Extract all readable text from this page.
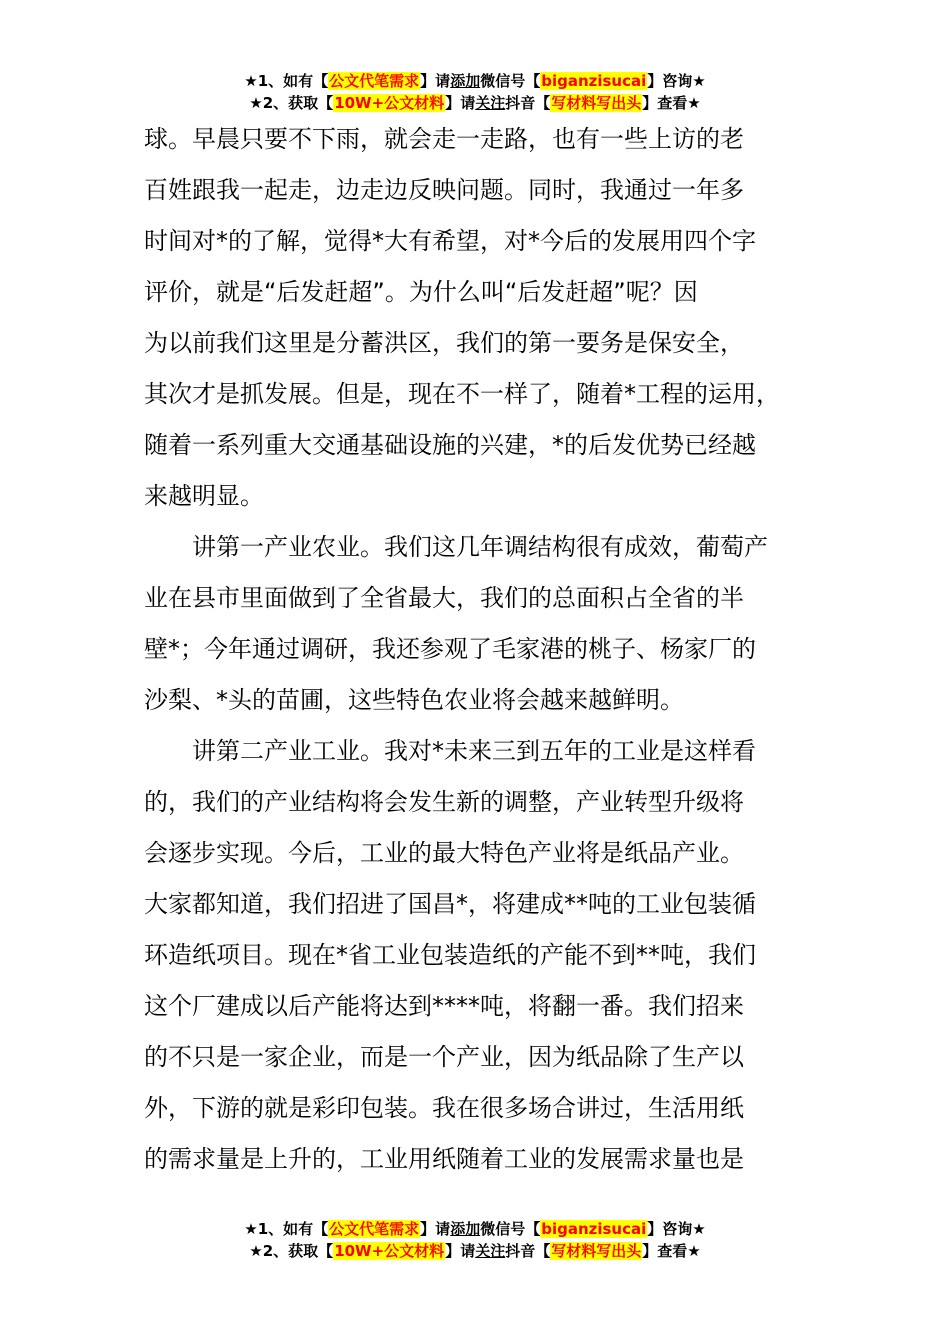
★1、如有【公文代笔需求】请添加微信号【biganzisucai】咨询★
★2、获取【10W+公文材料】请关注抖音【写材料写出头】查看★
球。早晨只要不下雨，就会走一走路，也有一些上访的老
百姓跟我一起走，边走边反映问题。同时，我通过一年多
时间对*的了解，觉得*大有希望，对*今后的发展用四个字
评价，就是“后发赶超”。为什么叫“后发赶超”呢？因
为以前我们这里是分蓄洪区，我们的第一要务是保安全，
其次才是抓发展。但是，现在不一样了，随着*工程的运用，
随着一系列重大交通基础设施的兴建，*的后发优势已经越
来越明显。
　　讲第一产业农业。我们这几年调结构很有成效，葡萄产
业在县市里面做到了全省最大，我们的总面积占全省的半
壁*；今年通过调研，我还参观了毛家港的桃子、杨家厂的
沙梨、*头的苗圃，这些特色农业将会越来越鲜明。
　　讲第二产业工业。我对*未来三到五年的工业是这样看
的，我们的产业结构将会发生新的调整，产业转型升级将
会逐步实现。今后，工业的最大特色产业将是纸品产业。
大家都知道，我们招进了国昌*，将建成**吨的工业包装循
环造纸项目。现在*省工业包装造纸的产能不到**吨，我们
这个厂建成以后产能将达到****吨，将翻一番。我们招来
的不只是一家企业，而是一个产业，因为纸品除了生产以
外，下游的就是彩印包装。我在很多场合讲过，生活用纸
的需求量是上升的，工业用纸随着工业的发展需求量也是
★1、如有【公文代笔需求】请添加微信号【biganzisucai】咨询★
★2、获取【10W+公文材料】请关注抖音【写材料写出头】查看★
